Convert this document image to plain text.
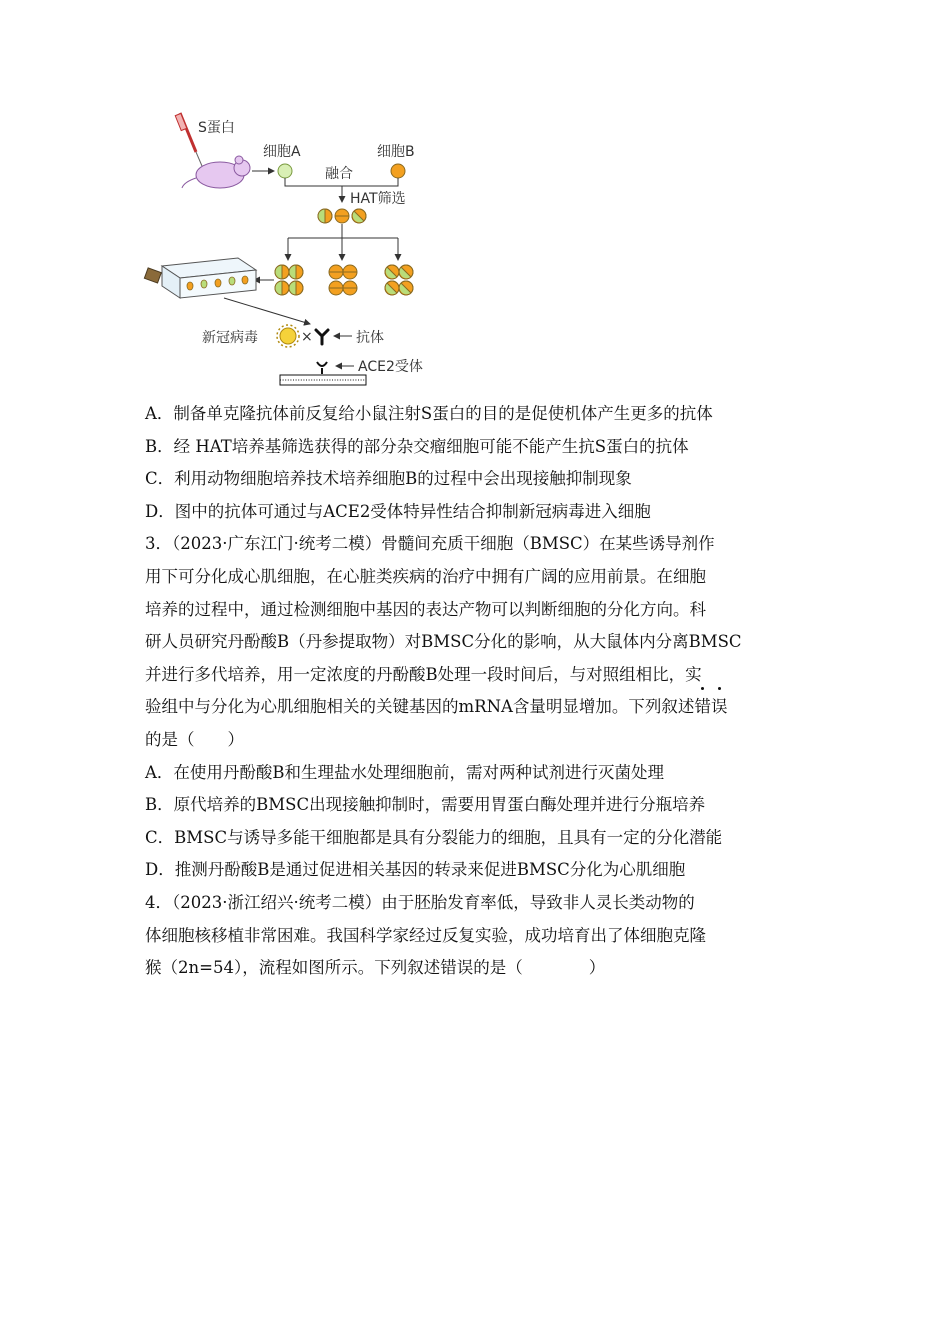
S蛋白
细胞A	细胞B
融合
HAT筛选
新冠病毒	×	抗体
ACE2受体
A．制备单克隆抗体前反复给小鼠注射S蛋白的目的是促使机体产生更多的抗体
B．经 HAT培养基筛选获得的部分杂交瘤细胞可能不能产生抗S蛋白的抗体
C．利用动物细胞培养技术培养细胞B的过程中会出现接触抑制现象
D．图中的抗体可通过与ACE2受体特异性结合抑制新冠病毒进入细胞
3．（2023·广东江门·统考二模）骨髓间充质干细胞（BMSC）在某些诱导剂作
用下可分化成心肌细胞，在心脏类疾病的治疗中拥有广阔的应用前景。在细胞
培养的过程中，通过检测细胞中基因的表达产物可以判断细胞的分化方向。科
研人员研究丹酚酸B（丹参提取物）对BMSC分化的影响，从大鼠体内分离BMSC
并进行多代培养，用一定浓度的丹酚酸B处理一段时间后，与对照组相比，实
验组中与分化为心肌细胞相关的关键基因的mRNA含量明显增加。下列叙述错误
的是（　　）
A．在使用丹酚酸B和生理盐水处理细胞前，需对两种试剂进行灭菌处理
B．原代培养的BMSC出现接触抑制时，需要用胃蛋白酶处理并进行分瓶培养
C．BMSC与诱导多能干细胞都是具有分裂能力的细胞，且具有一定的分化潜能
D．推测丹酚酸B是通过促进相关基因的转录来促进BMSC分化为心肌细胞
4．（2023·浙江绍兴·统考二模）由于胚胎发育率低，导致非人灵长类动物的
体细胞核移植非常困难。我国科学家经过反复实验，成功培育出了体细胞克隆
猴（2n=54），流程如图所示。下列叙述错误的是（　　　　）
